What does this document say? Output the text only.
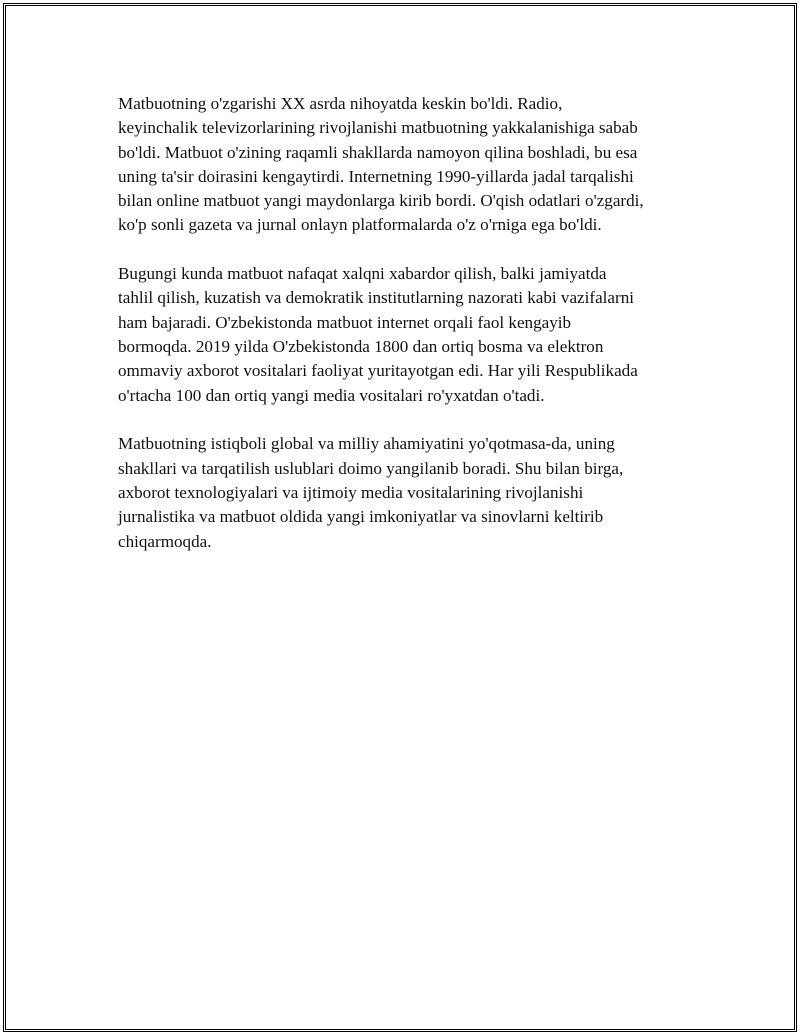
Matbuotning o'zgarishi XX asrda nihoyatda keskin bo'ldi. Radio,
keyinchalik televizorlarining rivojlanishi matbuotning yakkalanishiga sabab
bo'ldi. Matbuot o'zining raqamli shakllarda namoyon qilina boshladi, bu esa
uning ta'sir doirasini kengaytirdi. Internetning 1990-yillarda jadal tarqalishi
bilan online matbuot yangi maydonlarga kirib bordi. O'qish odatlari o'zgardi,
ko'p sonli gazeta va jurnal onlayn platformalarda o'z o'rniga ega bo'ldi.

Bugungi kunda matbuot nafaqat xalqni xabardor qilish, balki jamiyatda
tahlil qilish, kuzatish va demokratik institutlarning nazorati kabi vazifalarni
ham bajaradi. O'zbekistonda matbuot internet orqali faol kengayib
bormoqda. 2019 yilda O'zbekistonda 1800 dan ortiq bosma va elektron
ommaviy axborot vositalari faoliyat yuritayotgan edi. Har yili Respublikada
o'rtacha 100 dan ortiq yangi media vositalari ro'yxatdan o'tadi.

Matbuotning istiqboli global va milliy ahamiyatini yo'qotmasa-da, uning
shakllari va tarqatilish uslublari doimo yangilanib boradi. Shu bilan birga,
axborot texnologiyalari va ijtimoiy media vositalarining rivojlanishi
jurnalistika va matbuot oldida yangi imkoniyatlar va sinovlarni keltirib
chiqarmoqda.
